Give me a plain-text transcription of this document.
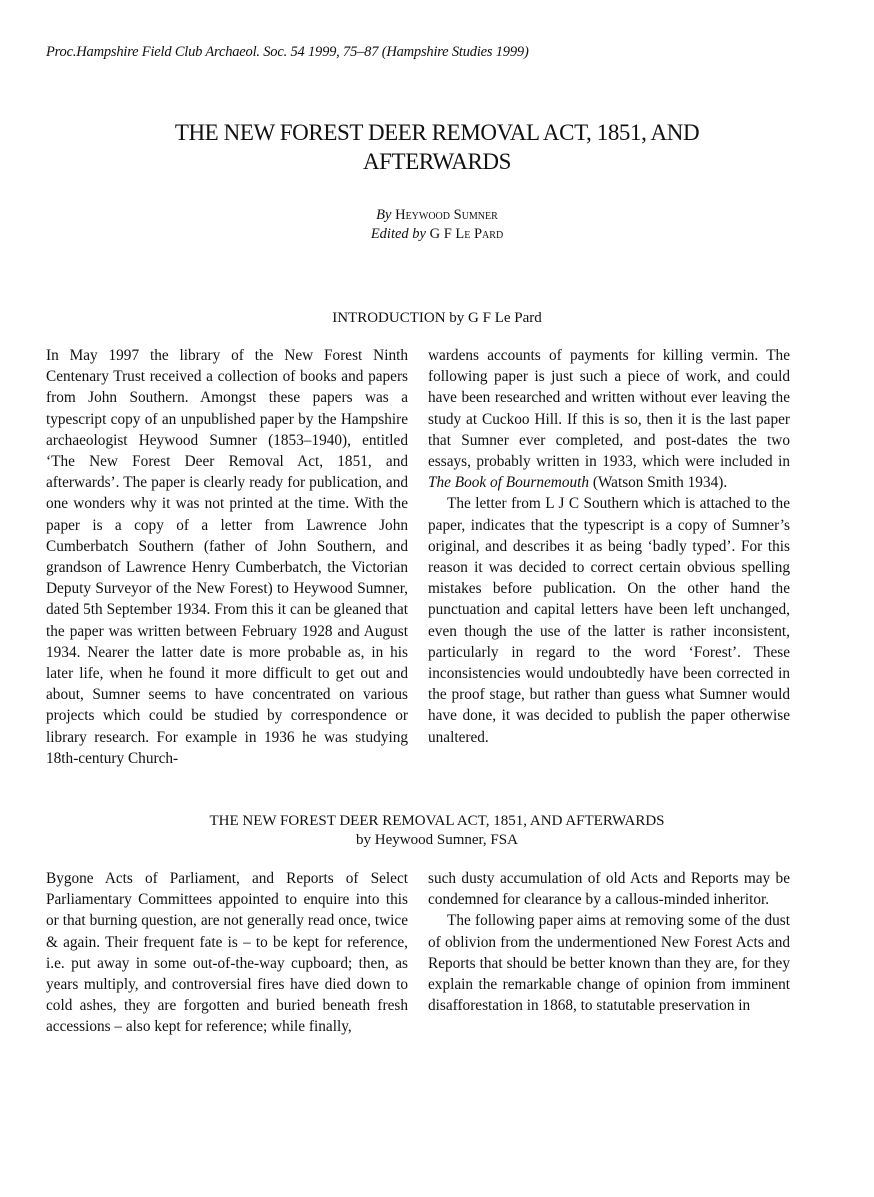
Proc.Hampshire Field Club Archaeol. Soc. 54 1999, 75–87 (Hampshire Studies 1999)
THE NEW FOREST DEER REMOVAL ACT, 1851, AND
AFTERWARDS
By Heywood Sumner
Edited by G F Le Pard
INTRODUCTION by G F Le Pard

In May 1997 the library of the New Forest Ninth Centenary Trust received a collection of books and papers from John Southern. Amongst these papers was a typescript copy of an unpublished paper by the Hampshire archaeologist Heywood Sumner (1853–1940), entitled ‘The New Forest Deer Removal Act, 1851, and afterwards’. The paper is clearly ready for publication, and one wonders why it was not printed at the time. With the paper is a copy of a letter from Lawrence John Cumberbatch Southern (father of John Southern, and grandson of Lawrence Henry Cumberbatch, the Victorian Deputy Surveyor of the New Forest) to Heywood Sumner, dated 5th September 1934. From this it can be gleaned that the paper was written between February 1928 and August 1934. Nearer the latter date is more probable as, in his later life, when he found it more difficult to get out and about, Sumner seems to have concentrated on various projects which could be studied by correspondence or library research. For example in 1936 he was studying 18th-century Church-

wardens accounts of payments for killing vermin. The following paper is just such a piece of work, and could have been researched and written without ever leaving the study at Cuckoo Hill. If this is so, then it is the last paper that Sumner ever completed, and post-dates the two essays, probably written in 1933, which were included in The Book of Bournemouth (Watson Smith 1934).

The letter from L J C Southern which is attached to the paper, indicates that the typescript is a copy of Sumner’s original, and describes it as being ‘badly typed’. For this reason it was decided to correct certain obvious spelling mistakes before publication. On the other hand the punctuation and capital letters have been left unchanged, even though the use of the latter is rather inconsistent, particularly in regard to the word ‘Forest’. These inconsistencies would undoubtedly have been corrected in the proof stage, but rather than guess what Sumner would have done, it was decided to publish the paper otherwise unaltered.

THE NEW FOREST DEER REMOVAL ACT, 1851, AND AFTERWARDS
by Heywood Sumner, FSA

Bygone Acts of Parliament, and Reports of Select Parliamentary Committees appointed to enquire into this or that burning question, are not generally read once, twice & again. Their frequent fate is – to be kept for reference, i.e. put away in some out-of-the-way cupboard; then, as years multiply, and controversial fires have died down to cold ashes, they are forgotten and buried beneath fresh accessions – also kept for reference; while finally,

such dusty accumulation of old Acts and Reports may be condemned for clearance by a callous-minded inheritor.

The following paper aims at removing some of the dust of oblivion from the undermentioned New Forest Acts and Reports that should be better known than they are, for they explain the remarkable change of opinion from imminent disafforestation in 1868, to statutable preservation in
